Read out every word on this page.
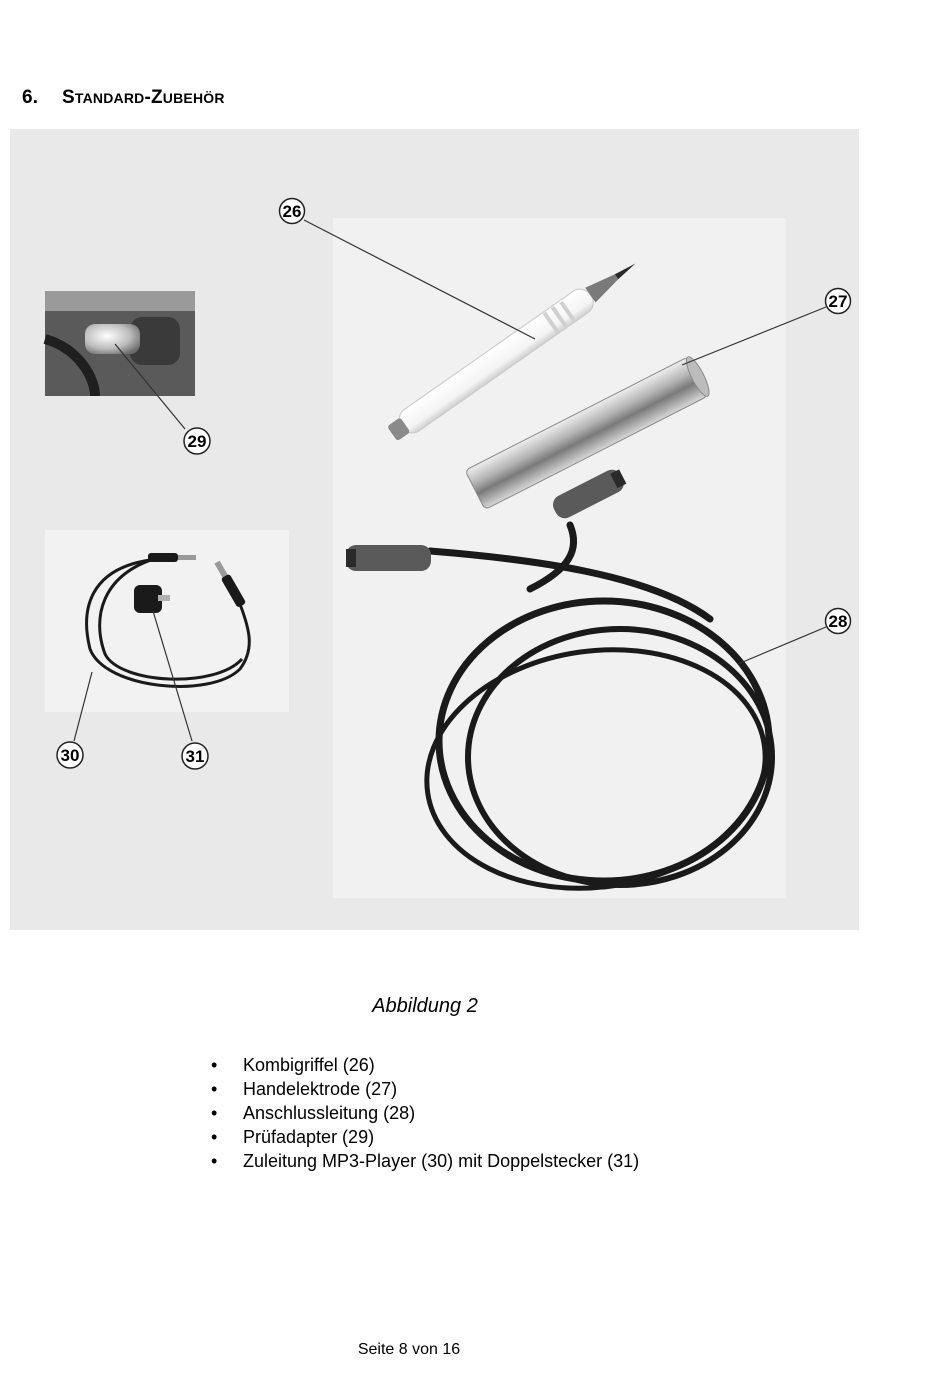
6. STANDARD-ZUBEHÖR
26
27
28
29
30	31
Abbildung 2
• Kombigriffel (26)
• Handelektrode (27)
• Anschlussleitung (28)
• Prüfadapter (29)
• Zuleitung MP3-Player (30) mit Doppelstecker (31)
Seite 8 von 16
